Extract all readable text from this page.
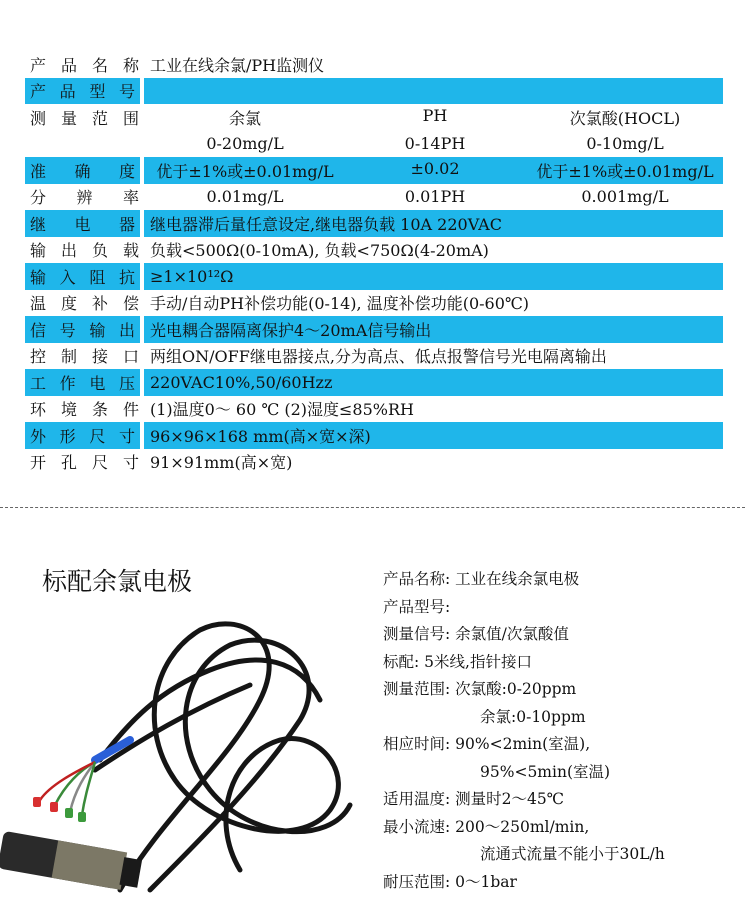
产 品 名 称 工业在线余氯/PH监测仪
产 品 型 号
测 量 范 围	余氯	PH	次氯酸(HOCL)
0-20mg/L	0-14PH	0-10mg/L
准 确 度	优于±1%或±0.01mg/L	±0.02	优于±1%或±0.01mg/L
分 辨 率	0.01mg/L	0.01PH	0.001mg/L
继 电 器 继电器滞后量任意设定,继电器负载 10A 220VAC
输 出 负 载 负载<500Ω(0-10mA), 负载<750Ω(4-20mA)
输 入 阻 抗 ≥1×10¹²Ω
温 度 补 偿 手动/自动PH补偿功能(0-14), 温度补偿功能(0-60℃)
信 号 输 出 光电耦合器隔离保护4～20mA信号输出
控 制 接 口 两组ON/OFF继电器接点,分为高点、低点报警信号光电隔离输出
工 作 电 压 220VAC10%,50/60Hzz
环 境 条 件 (1)温度0～ 60 ℃ (2)湿度≤85%RH
外 形 尺 寸 96×96×168 mm(高×宽×深)
开 孔 尺 寸 91×91mm(高×宽)
标配余氯电极	产品名称: 工业在线余氯电极
产品型号:
测量信号: 余氯值/次氯酸值
标配: 5米线,指针接口
测量范围: 次氯酸:0-20ppm
余氯:0-10ppm
相应时间: 90%<2min(室温),
95%<5min(室温)
适用温度: 测量时2～45℃
最小流速: 200～250ml/min,
流通式流量不能小于30L/h
耐压范围: 0～1bar
